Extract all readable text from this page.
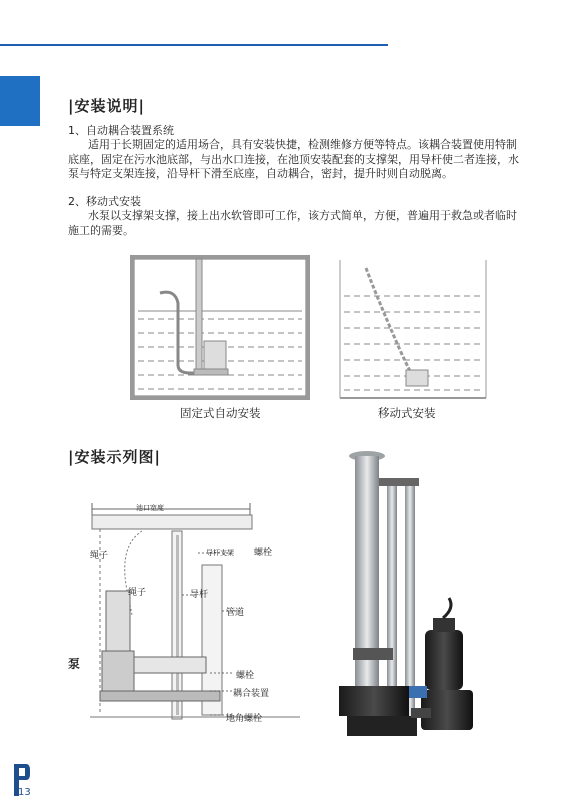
|安装说明|
1、自动耦合装置系统
适用于长期固定的适用场合，具有安装快捷，检测维修方便等特点。该耦合装置使用特制底座，固定在污水池底部，与出水口连接，在池顶安装配套的支撑架，用导杆使二者连接，水泵与特定支架连接，沿导杆下滑至底座，自动耦合，密封，提升时则自动脱离。
2、移动式安装
水泵以支撑架支撑，接上出水软管即可工作，该方式简单，方便，普遍用于救急或者临时施工的需要。
固定式自动安装	移动式安装
|安装示列图|
池口宽度
绳子
绳子
导杆支架 螺栓
导杆
管道
泵
螺栓
耦合装置
地角螺栓
13
